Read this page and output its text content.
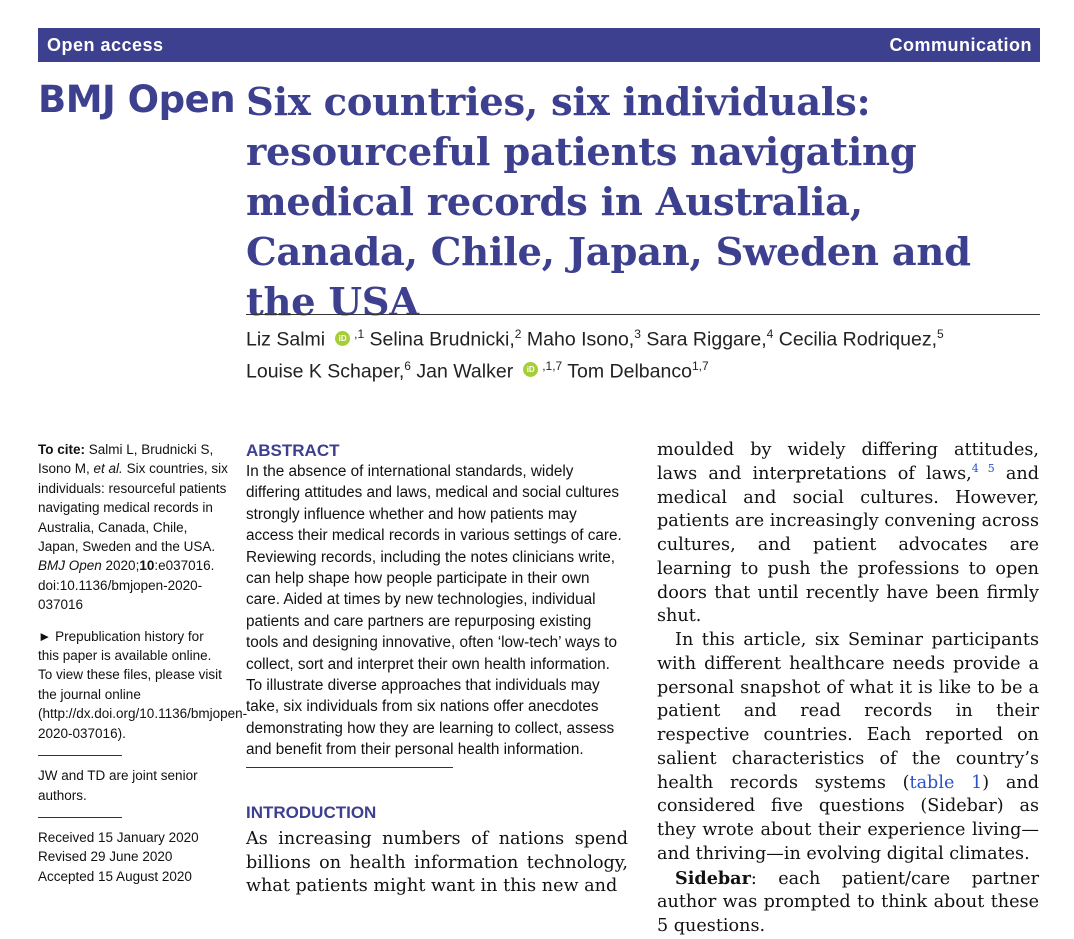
Open access	Communication
BMJ Open Six countries, six individuals: resourceful patients navigating medical records in Australia, Canada, Chile, Japan, Sweden and the USA
Liz Salmi iD $^{,1}$ Selina Brudnicki,$^2$ Maho Isono,$^3$ Sara Riggare,$^4$ Cecilia Rodriquez,$^5$
Louise K Schaper,$^6$ Jan Walker iD $^{,1,7}$ Tom Delbanco$^{1,7}$

To cite: Salmi L, Brudnicki S, Isono M, et al. Six countries, six individuals: resourceful patients navigating medical records in Australia, Canada, Chile, Japan, Sweden and the USA. BMJ Open 2020;10:e037016. doi:10.1136/bmjopen-2020-037016

► Prepublication history for this paper is available online. To view these files, please visit the journal online (http://dx.doi.org/10.1136/bmjopen-2020-037016).

JW and TD are joint senior authors.

Received 15 January 2020

Revised 29 June 2020

Accepted 15 August 2020

ABSTRACT

In the absence of international standards, widely differing attitudes and laws, medical and social cultures strongly influence whether and how patients may access their medical records in various settings of care. Reviewing records, including the notes clinicians write, can help shape how people participate in their own care. Aided at times by new technologies, individual patients and care partners are repurposing existing tools and designing innovative, often ‘low-tech’ ways to collect, sort and interpret their own health information. To illustrate diverse approaches that individuals may take, six individuals from six nations offer anecdotes demonstrating how they are learning to collect, assess and benefit from their personal health information.

INTRODUCTION

As increasing numbers of nations spend billions on health information technology, what patients might want in this new and

moulded by widely differing attitudes, laws and interpretations of laws,$^{4 5}$ and medical and social cultures. However, patients are increasingly convening across cultures, and patient advocates are learning to push the professions to open doors that until recently have been firmly shut.

In this article, six Seminar participants with different healthcare needs provide a personal snapshot of what it is like to be a patient and read records in their respective countries. Each reported on salient characteristics of the country’s health records systems (table 1) and considered five questions (Sidebar) as they wrote about their experience living—and thriving—in evolving digital climates.

Sidebar: each patient/care partner author was prompted to think about these 5 questions.
